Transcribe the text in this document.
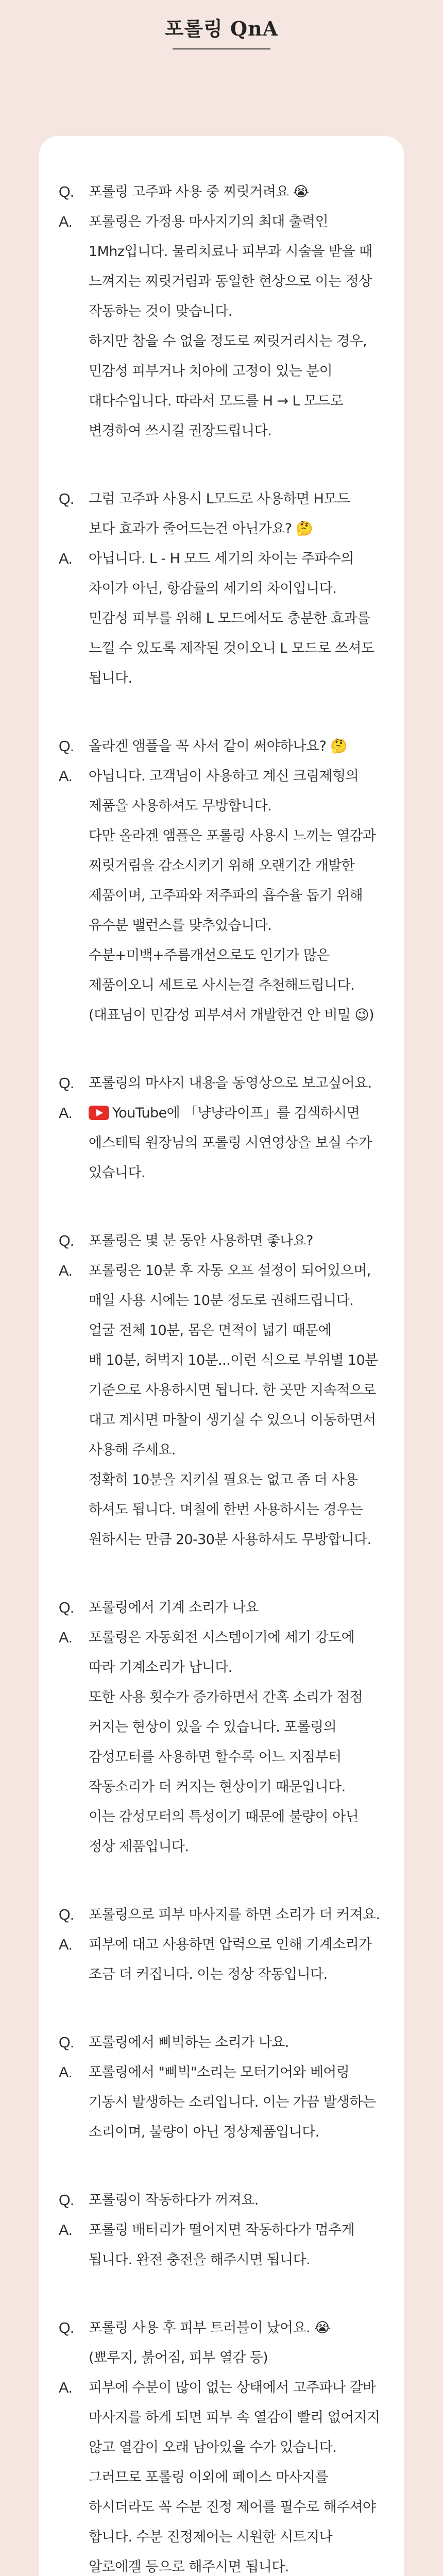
포롤링 QnA
Q.	포롤링 고주파 사용 중 찌릿거려요 😭
A.	포롤링은 가정용 마사지기의 최대 출력인
1Mhz입니다. 물리치료나 피부과 시술을 받을 때
느껴지는 찌릿거림과 동일한 현상으로 이는 정상
작동하는 것이 맞습니다.
하지만 참을 수 없을 정도로 찌릿거리시는 경우,
민감성 피부거나 치아에 고정이 있는 분이
대다수입니다. 따라서 모드를 H → L 모드로
변경하여 쓰시길 권장드립니다.
Q.	그럼 고주파 사용시 L모드로 사용하면 H모드
보다 효과가 줄어드는건 아닌가요? 🤔
A.	아닙니다. L - H 모드 세기의 차이는 주파수의
차이가 아닌, 항감률의 세기의 차이입니다.
민감성 피부를 위해 L 모드에서도 충분한 효과를
느낄 수 있도록 제작된 것이오니 L 모드로 쓰셔도
됩니다.
Q.	올라겐 앰플을 꼭 사서 같이 써야하나요? 🤔
A.	아닙니다. 고객님이 사용하고 계신 크림제형의
제품을 사용하셔도 무방합니다.
다만 올라겐 앰플은 포롤링 사용시 느끼는 열감과
찌릿거림을 감소시키기 위해 오랜기간 개발한
제품이며, 고주파와 저주파의 흡수율 돕기 위해
유수분 밸런스를 맞추었습니다.
수분+미백+주름개선으로도 인기가 많은
제품이오니 세트로 사시는걸 추천해드립니다.
(대표님이 민감성 피부셔서 개발한건 안 비밀 😉)
Q.	포롤링의 마사지 내용을 동영상으로 보고싶어요.
A.	YouTube에 「냥냥라이프」를 검색하시면
에스테틱 원장님의 포롤링 시연영상을 보실 수가
있습니다.
Q.	포롤링은 몇 분 동안 사용하면 좋나요?
A.	포롤링은 10분 후 자동 오프 설정이 되어있으며,
매일 사용 시에는 10분 정도로 권해드립니다.
얼굴 전체 10분, 몸은 면적이 넓기 때문에
배 10분, 허벅지 10분...이런 식으로 부위별 10분
기준으로 사용하시면 됩니다. 한 곳만 지속적으로
대고 계시면 마찰이 생기실 수 있으니 이동하면서
사용해 주세요.
정확히 10분을 지키실 필요는 없고 좀 더 사용
하셔도 됩니다. 며칠에 한번 사용하시는 경우는
원하시는 만큼 20-30분 사용하셔도 무방합니다.
Q.	포롤링에서 기계 소리가 나요
A.	포롤링은 자동회전 시스템이기에 세기 강도에
따라 기계소리가 납니다.
또한 사용 횟수가 증가하면서 간혹 소리가 점점
커지는 현상이 있을 수 있습니다. 포롤링의
감성모터를 사용하면 할수록 어느 지점부터
작동소리가 더 커지는 현상이기 때문입니다.
이는 감성모터의 특성이기 때문에 불량이 아닌
정상 제품입니다.
Q.	포롤링으로 피부 마사지를 하면 소리가 더 커져요.
A.	피부에 대고 사용하면 압력으로 인해 기계소리가
조금 더 커집니다. 이는 정상 작동입니다.
Q.	포롤링에서 삐빅하는 소리가 나요.
A.	포롤링에서 "삐빅"소리는 모터기어와 베어링
기동시 발생하는 소리입니다. 이는 가끔 발생하는
소리이며, 불량이 아닌 정상제품입니다.
Q.	포롤링이 작동하다가 꺼져요.
A.	포롤링 배터리가 떨어지면 작동하다가 멈추게
됩니다. 완전 충전을 해주시면 됩니다.
Q.	포롤링 사용 후 피부 트러블이 났어요. 😭
(뾰루지, 붉어짐, 피부 열감 등)
A.	피부에 수분이 많이 없는 상태에서 고주파나 갈바
마사지를 하게 되면 피부 속 열감이 빨리 없어지지
않고 열감이 오래 남아있을 수가 있습니다.
그러므로 포롤링 이외에 페이스 마사지를
하시더라도 꼭 수분 진정 제어를 필수로 해주셔야
합니다. 수분 진정제어는 시원한 시트지나
알로에겔 등으로 해주시면 됩니다.
